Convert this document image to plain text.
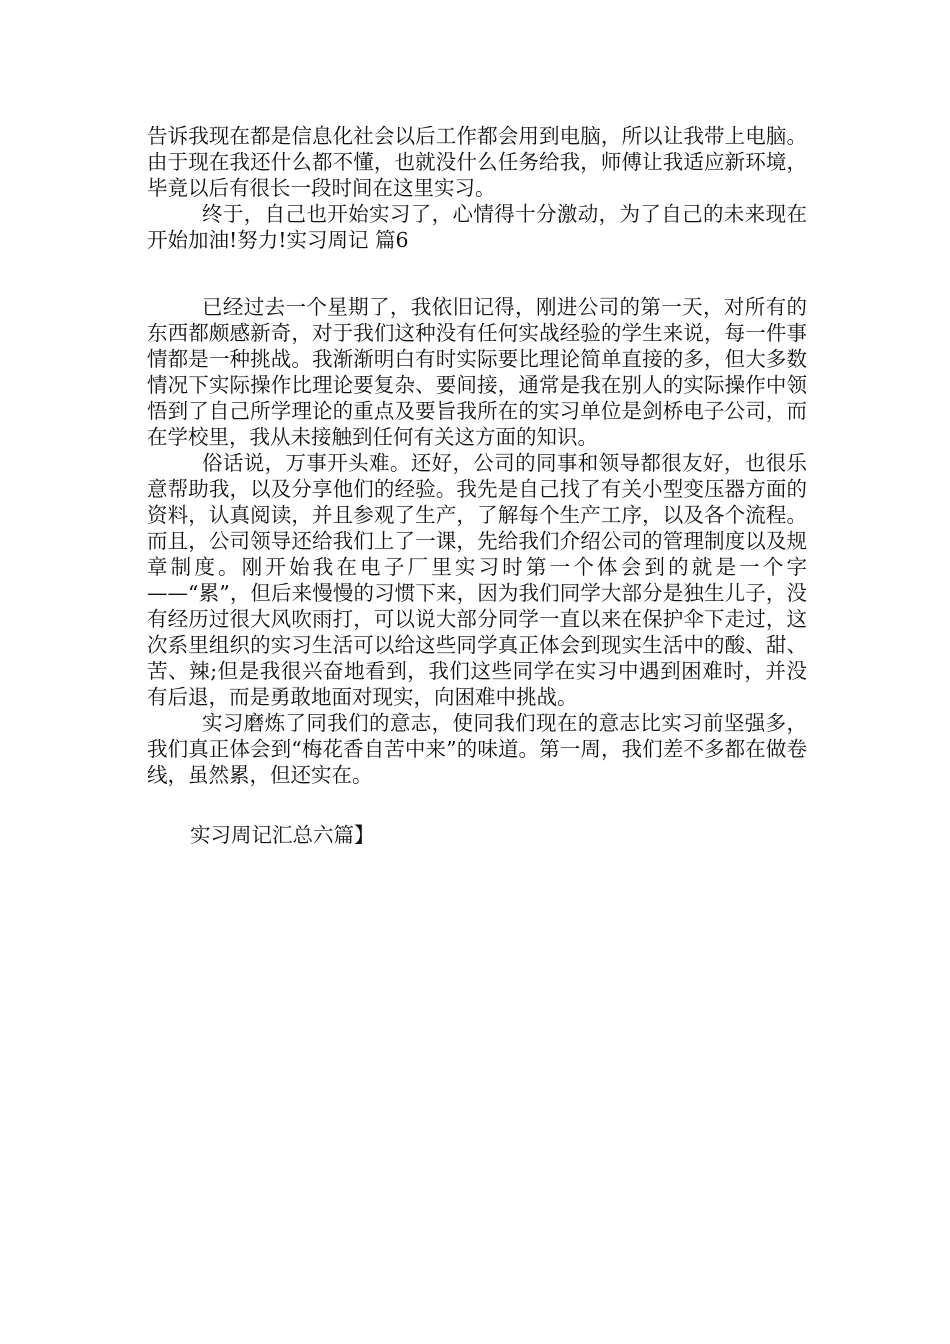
告诉我现在都是信息化社会以后工作都会用到电脑，所以让我带上电脑。由于现在我还什么都不懂，也就没什么任务给我，师傅让我适应新环境，毕竟以后有很长一段时间在这里实习。

终于，自己也开始实习了，心情得十分激动，为了自己的未来现在开始加油!努力!实习周记 篇6

已经过去一个星期了，我依旧记得，刚进公司的第一天，对所有的东西都颇感新奇，对于我们这种没有任何实战经验的学生来说，每一件事情都是一种挑战。我渐渐明白有时实际要比理论简单直接的多，但大多数情况下实际操作比理论要复杂、要间接，通常是我在别人的实际操作中领悟到了自己所学理论的重点及要旨我所在的实习单位是剑桥电子公司，而在学校里，我从未接触到任何有关这方面的知识。

俗话说，万事开头难。还好，公司的同事和领导都很友好，也很乐意帮助我，以及分享他们的经验。我先是自己找了有关小型变压器方面的资料，认真阅读，并且参观了生产，了解每个生产工序，以及各个流程。而且，公司领导还给我们上了一课，先给我们介绍公司的管理制度以及规章制度。刚开始我在电子厂里实习时第一个体会到的就是一个字——“累”，但后来慢慢的习惯下来，因为我们同学大部分是独生儿子，没有经历过很大风吹雨打，可以说大部分同学一直以来在保护伞下走过，这次系里组织的实习生活可以给这些同学真正体会到现实生活中的酸、甜、苦、辣;但是我很兴奋地看到，我们这些同学在实习中遇到困难时，并没有后退，而是勇敢地面对现实，向困难中挑战。

实习磨炼了同我们的意志，使同我们现在的意志比实习前坚强多，我们真正体会到“梅花香自苦中来”的味道。第一周，我们差不多都在做卷线，虽然累，但还实在。

实习周记汇总六篇】
